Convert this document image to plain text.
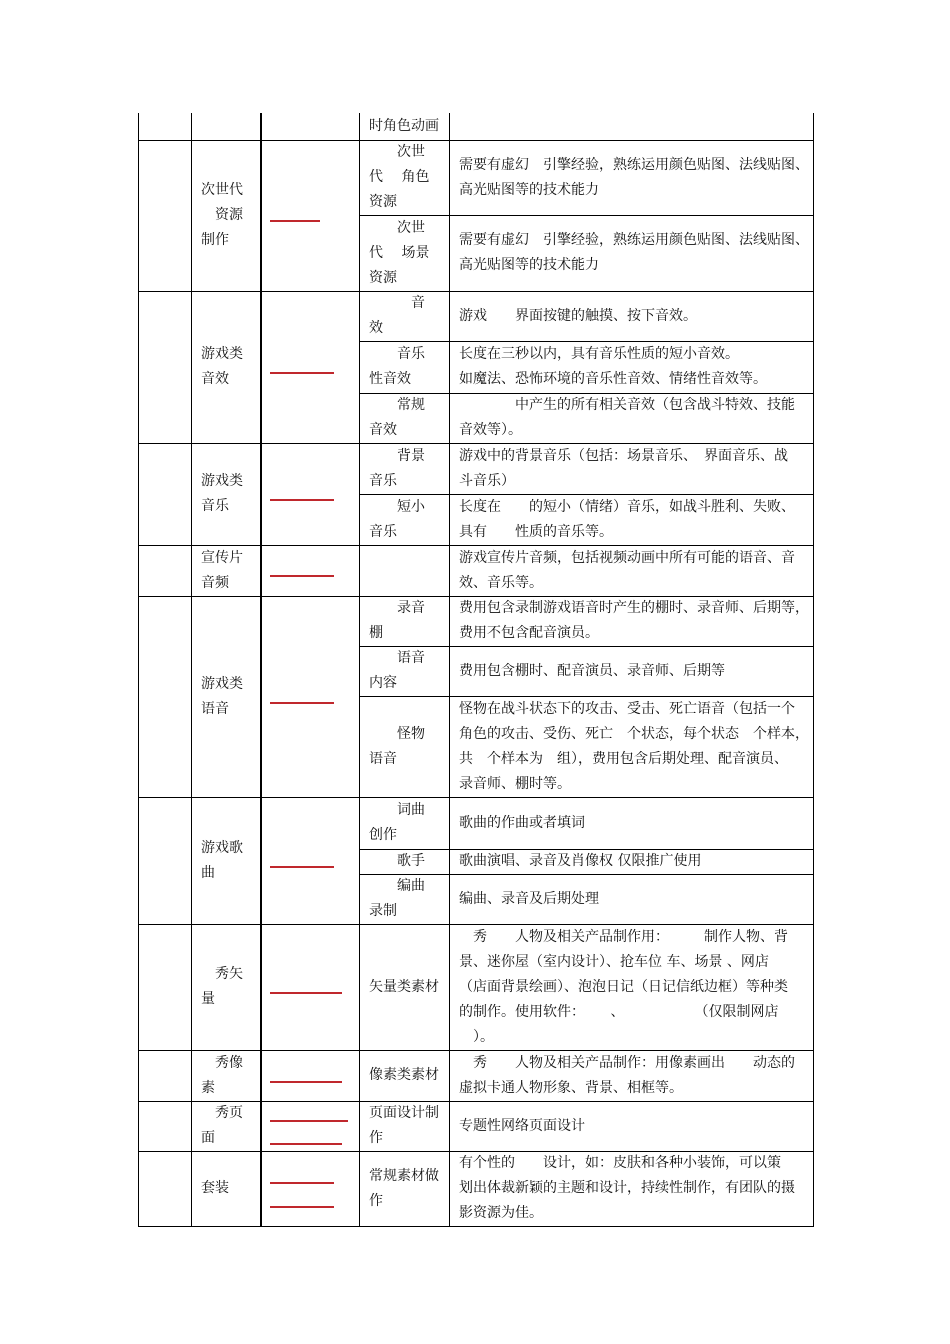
时角色动画
次世代
　资源
制作
　　次世
代　 角色
资源
需要有虚幻　引擎经验，熟练运用颜色贴图、法线贴图、
高光贴图等的技术能力
　　次世
代　 场景
资源
需要有虚幻　引擎经验，熟练运用颜色贴图、法线贴图、
高光贴图等的技术能力
游戏类
音效
　　　音
效
游戏　　界面按键的触摸、按下音效。
　　音乐
性音效
长度在三秒以内，具有音乐性质的短小音效。
如魔法、恐怖环境的音乐性音效、情绪性音效等。
　　常规
音效
　　　　中产生的所有相关音效（包含战斗特效、技能
音效等）。
游戏类
音乐
　　背景
音乐
游戏中的背景音乐（包括：场景音乐、　界面音乐、战
斗音乐）
　　短小
音乐
长度在　　的短小（情绪）音乐，如战斗胜利、失败、
具有　　性质的音乐等。
宣传片
音频
游戏宣传片音频，包括视频动画中所有可能的语音、音
效、音乐等。
游戏类
语音
　　录音
棚
费用包含录制游戏语音时产生的棚时、录音师、后期等，
费用不包含配音演员。
　　语音
内容
费用包含棚时、配音演员、录音师、后期等
　　怪物
语音
怪物在战斗状态下的攻击、受击、死亡语音（包括一个
角色的攻击、受伤、死亡　个状态，每个状态　个样本，
共　个样本为　组），费用包含后期处理、配音演员、
录音师、棚时等。
游戏歌
曲
　　词曲
创作
歌曲的作曲或者填词
　　歌手 歌曲演唱、录音及肖像权 仅限推广使用
　　编曲
录制
编曲、录音及后期处理
　秀矢
量
矢量类素材
　秀　　人物及相关产品制作用：　　　制作人物、背
景、迷你屋（室内设计）、抢车位 车、场景 、网店
（店面背景绘画）、泡泡日记（日记信纸边框）等种类
的制作。使用软件：　　 、　　　　　　（仅限制网店
　）。
　秀像
素
像素类素材
　秀　　人物及相关产品制作：用像素画出　　动态的
虚拟卡通人物形象、背景、相框等。
　秀页
面
页面设计制
作
专题性网络页面设计
套装
常规素材做
作
有个性的　　设计，如：皮肤和各种小装饰，可以策
划出体裁新颖的主题和设计，持续性制作，有团队的摄
影资源为佳。
